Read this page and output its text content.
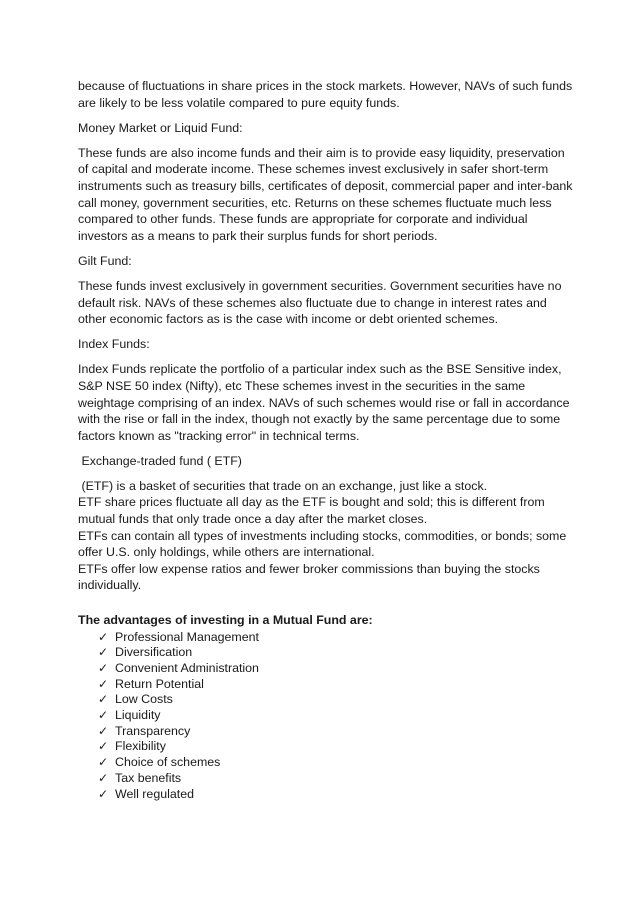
because of fluctuations in share prices in the stock markets. However, NAVs of such funds are likely to be less volatile compared to pure equity funds.

Money Market or Liquid Fund:

These funds are also income funds and their aim is to provide easy liquidity, preservation of capital and moderate income. These schemes invest exclusively in safer short-term instruments such as treasury bills, certificates of deposit, commercial paper and inter-bank call money, government securities, etc. Returns on these schemes fluctuate much less compared to other funds. These funds are appropriate for corporate and individual investors as a means to park their surplus funds for short periods.

Gilt Fund:

These funds invest exclusively in government securities. Government securities have no default risk. NAVs of these schemes also fluctuate due to change in interest rates and other economic factors as is the case with income or debt oriented schemes.

Index Funds:

Index Funds replicate the portfolio of a particular index such as the BSE Sensitive index, S&P NSE 50 index (Nifty), etc These schemes invest in the securities in the same weightage comprising of an index. NAVs of such schemes would rise or fall in accordance with the rise or fall in the index, though not exactly by the same percentage due to some factors known as "tracking error" in technical terms.

Exchange-traded fund ( ETF)

(ETF) is a basket of securities that trade on an exchange, just like a stock.

ETF share prices fluctuate all day as the ETF is bought and sold; this is different from mutual funds that only trade once a day after the market closes.

ETFs can contain all types of investments including stocks, commodities, or bonds; some offer U.S. only holdings, while others are international.

ETFs offer low expense ratios and fewer broker commissions than buying the stocks individually.

The advantages of investing in a Mutual Fund are:
✓ Professional Management
✓ Diversification
✓ Convenient Administration
✓ Return Potential
✓ Low Costs
✓ Liquidity
✓ Transparency
✓ Flexibility
✓ Choice of schemes
✓ Tax benefits
✓ Well regulated
